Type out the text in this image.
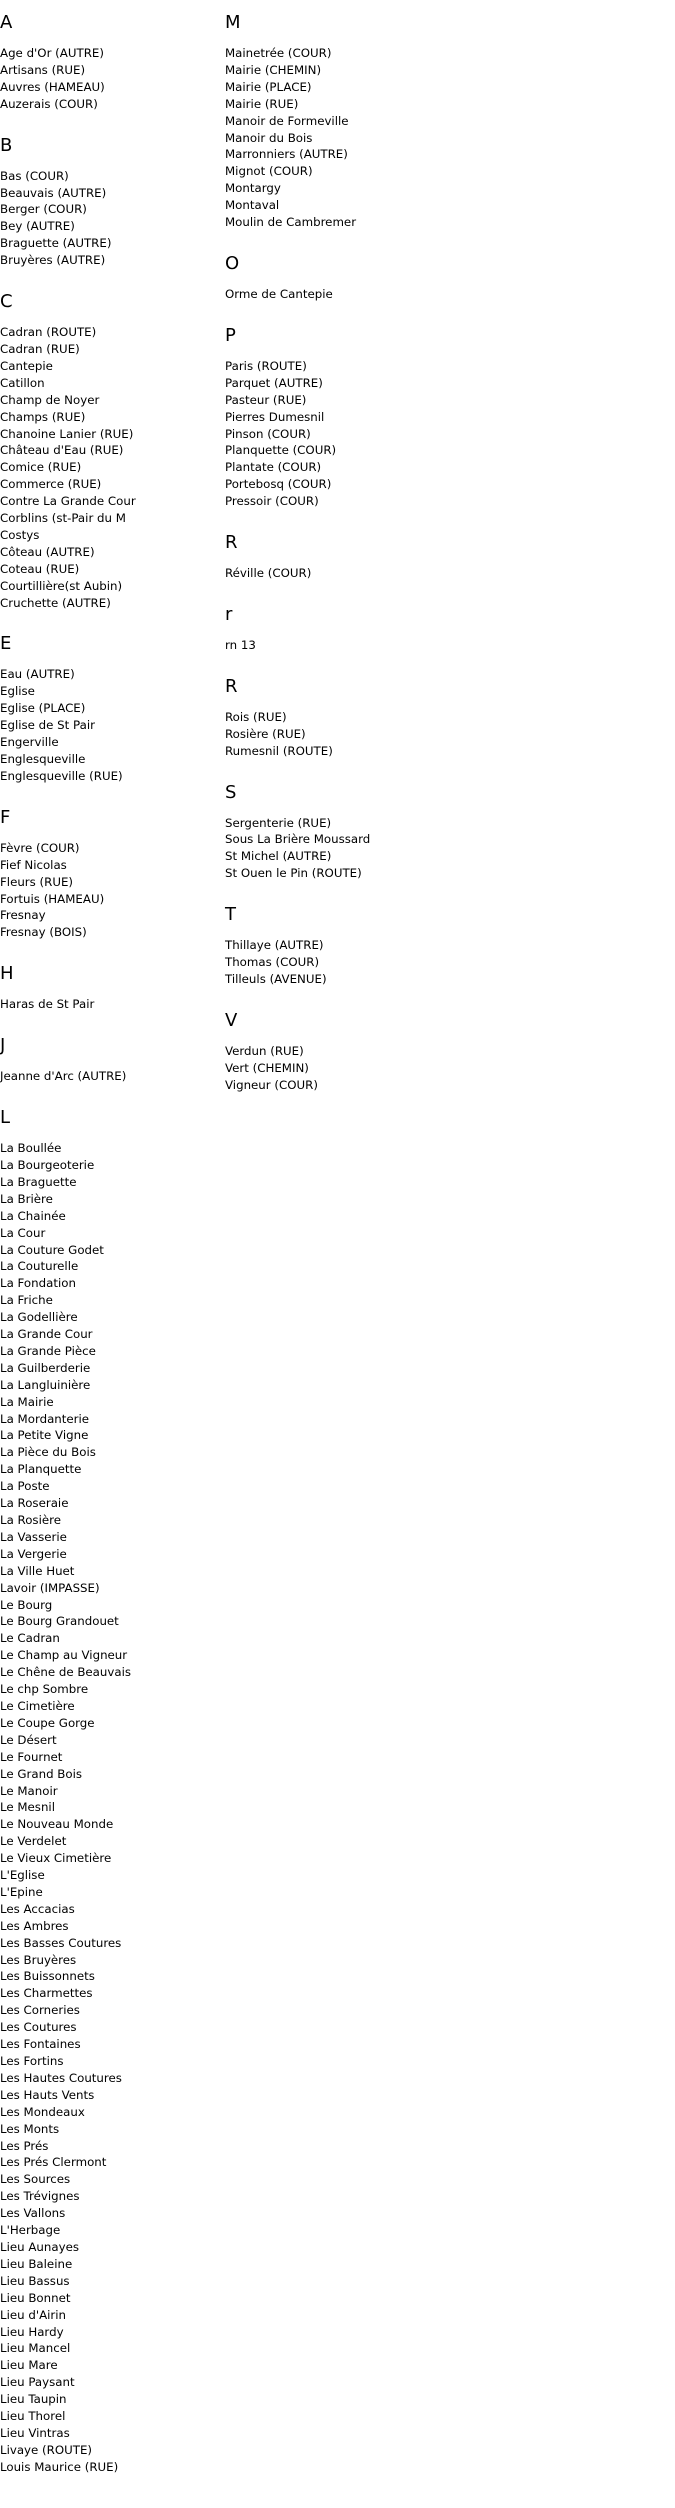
A
Age d'Or (AUTRE)
Artisans (RUE)
Auvres (HAMEAU)
Auzerais (COUR)
B
Bas (COUR)
Beauvais (AUTRE)
Berger (COUR)
Bey (AUTRE)
Braguette (AUTRE)
Bruyères (AUTRE)
C
Cadran (ROUTE)
Cadran (RUE)
Cantepie
Catillon
Champ de Noyer
Champs (RUE)
Chanoine Lanier (RUE)
Château d'Eau (RUE)
Comice (RUE)
Commerce (RUE)
Contre La Grande Cour
Corblins (st-Pair du M
Costys
Côteau (AUTRE)
Coteau (RUE)
Courtillière(st Aubin)
Cruchette (AUTRE)
E
Eau (AUTRE)
Eglise
Eglise (PLACE)
Eglise de St Pair
Engerville
Englesqueville
Englesqueville (RUE)
F
Fèvre (COUR)
Fief Nicolas
Fleurs (RUE)
Fortuis (HAMEAU)
Fresnay
Fresnay (BOIS)
H
Haras de St Pair
J
Jeanne d'Arc (AUTRE)
L
La Boullée
La Bourgeoterie
La Braguette
La Brière
La Chainée
La Cour
La Couture Godet
La Couturelle
La Fondation
La Friche
La Godellière
La Grande Cour
La Grande Pièce
La Guilberderie
La Langluinière
La Mairie
La Mordanterie
La Petite Vigne
La Pièce du Bois
La Planquette
La Poste
La Roseraie
La Rosière
La Vasserie
La Vergerie
La Ville Huet
Lavoir (IMPASSE)
Le Bourg
Le Bourg Grandouet
Le Cadran
Le Champ au Vigneur
Le Chêne de Beauvais
Le chp Sombre
Le Cimetière
Le Coupe Gorge
Le Désert
Le Fournet
Le Grand Bois
Le Manoir
Le Mesnil
Le Nouveau Monde
Le Verdelet
Le Vieux Cimetière
L'Eglise
L'Epine
Les Accacias
Les Ambres
Les Basses Coutures
Les Bruyères
Les Buissonnets
Les Charmettes
Les Corneries
Les Coutures
Les Fontaines
Les Fortins
Les Hautes Coutures
Les Hauts Vents
Les Mondeaux
Les Monts
Les Prés
Les Prés Clermont
Les Sources
Les Trévignes
Les Vallons
L'Herbage
Lieu Aunayes
Lieu Baleine
Lieu Bassus
Lieu Bonnet
Lieu d'Airin
Lieu Hardy
Lieu Mancel
Lieu Mare
Lieu Paysant
Lieu Taupin
Lieu Thorel
Lieu Vintras
Livaye (ROUTE)
Louis Maurice (RUE)
M
Mainetrée (COUR)
Mairie (CHEMIN)
Mairie (PLACE)
Mairie (RUE)
Manoir de Formeville
Manoir du Bois
Marronniers (AUTRE)
Mignot (COUR)
Montargy
Montaval
Moulin de Cambremer
O
Orme de Cantepie
P
Paris (ROUTE)
Parquet (AUTRE)
Pasteur (RUE)
Pierres Dumesnil
Pinson (COUR)
Planquette (COUR)
Plantate (COUR)
Portebosq (COUR)
Pressoir (COUR)
R
Réville (COUR)
r
rn 13
R
Rois (RUE)
Rosière (RUE)
Rumesnil (ROUTE)
S
Sergenterie (RUE)
Sous La Brière Moussard
St Michel (AUTRE)
St Ouen le Pin (ROUTE)
T
Thillaye (AUTRE)
Thomas (COUR)
Tilleuls (AVENUE)
V
Verdun (RUE)
Vert (CHEMIN)
Vigneur (COUR)
